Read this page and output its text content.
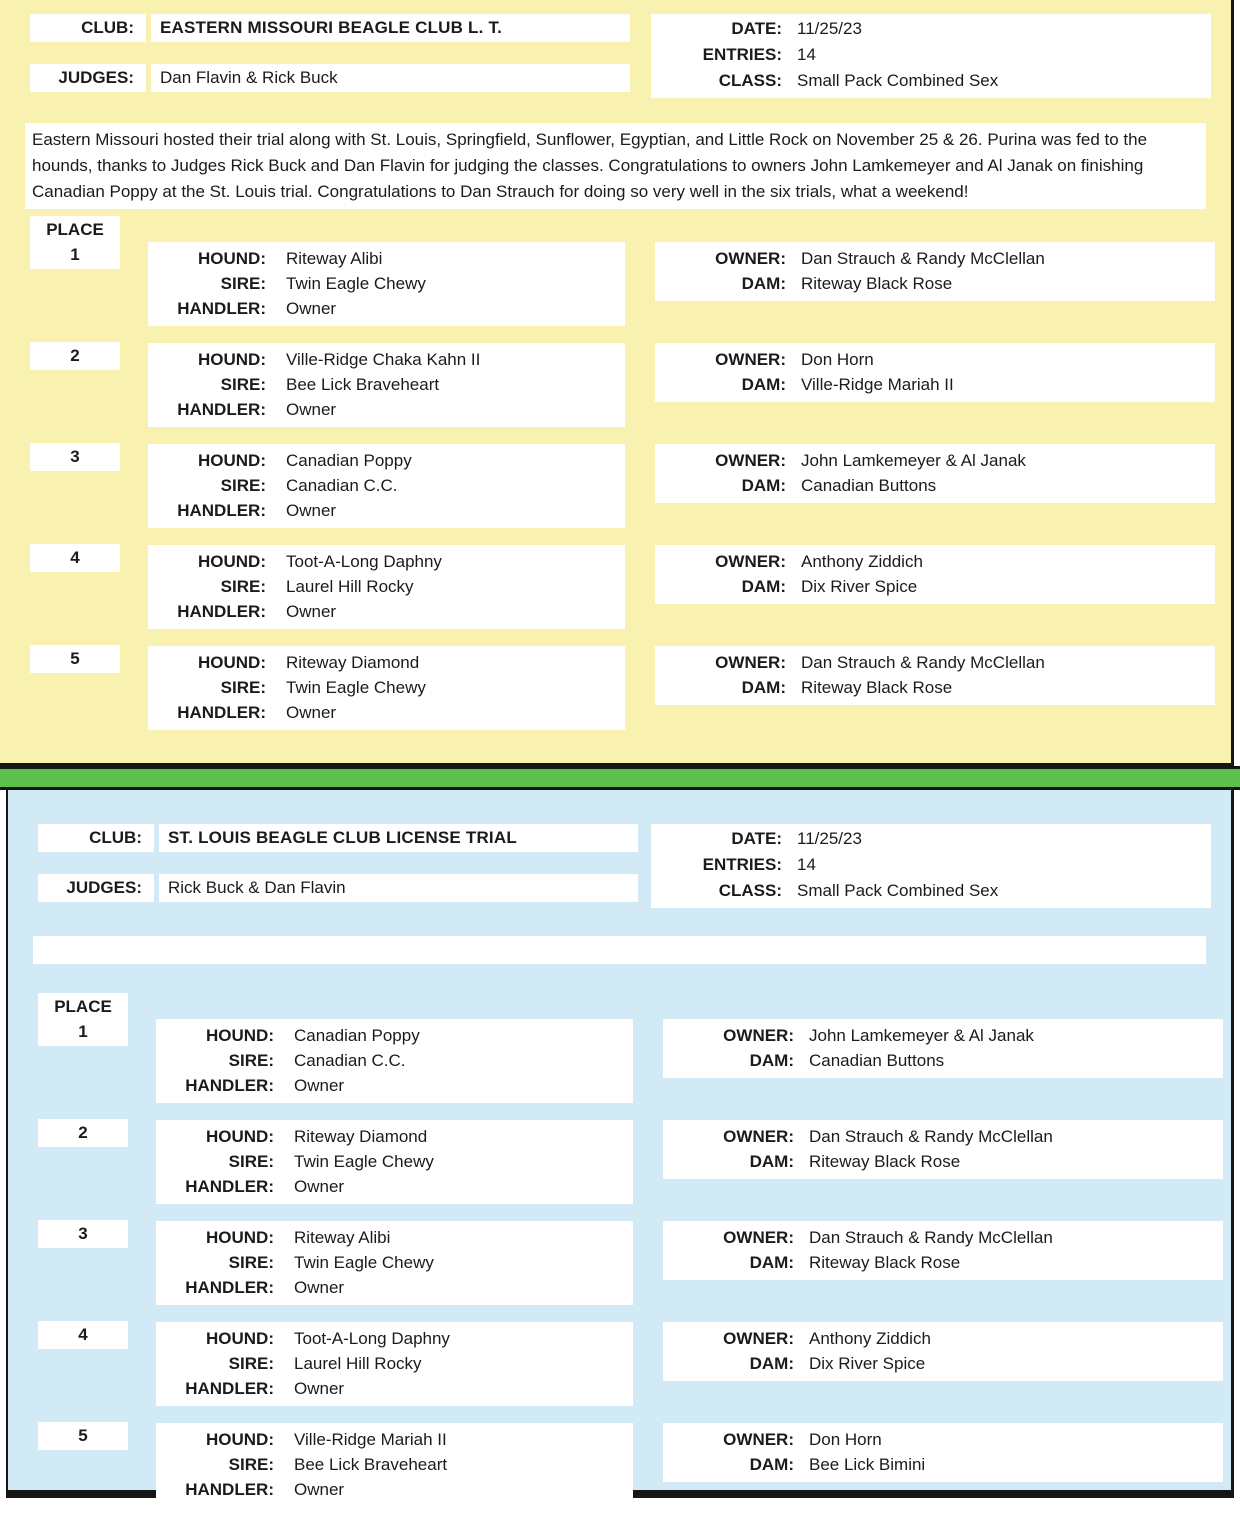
CLUB:	EASTERN MISSOURI BEAGLE CLUB L. T.
JUDGES:	Dan Flavin & Rick Buck
DATE: 11/25/23
ENTRIES: 14
CLASS: Small Pack Combined Sex
Eastern Missouri hosted their trial along with St. Louis, Springfield, Sunflower, Egyptian, and Little Rock on November 25 & 26. Purina was fed to the hounds, thanks to Judges Rick Buck and Dan Flavin for judging the classes. Congratulations to owners John Lamkemeyer and Al Janak on finishing Canadian Poppy at the St. Louis trial. Congratulations to Dan Strauch for doing so very well in the six trials, what a weekend!
PLACE
1	HOUND:	Riteway Alibi
SIRE:	Twin Eagle Chewy
HANDLER:	Owner
OWNER: Dan Strauch & Randy McClellan
DAM: Riteway Black Rose
2	HOUND:	Ville-Ridge Chaka Kahn II
SIRE:	Bee Lick Braveheart
HANDLER:	Owner
OWNER: Don Horn
DAM: Ville-Ridge Mariah II
3	HOUND:	Canadian Poppy
SIRE:	Canadian C.C.
HANDLER:	Owner
OWNER: John Lamkemeyer & Al Janak
DAM: Canadian Buttons
4	HOUND:	Toot-A-Long Daphny
SIRE:	Laurel Hill Rocky
HANDLER:	Owner
OWNER: Anthony Ziddich
DAM: Dix River Spice
5	HOUND:	Riteway Diamond
SIRE:	Twin Eagle Chewy
HANDLER:	Owner
OWNER: Dan Strauch & Randy McClellan
DAM: Riteway Black Rose
CLUB:	ST. LOUIS BEAGLE CLUB LICENSE TRIAL
JUDGES:	Rick Buck & Dan Flavin
DATE: 11/25/23
ENTRIES: 14
CLASS: Small Pack Combined Sex
PLACE
1	HOUND:	Canadian Poppy
SIRE:	Canadian C.C.
HANDLER:	Owner
OWNER: John Lamkemeyer & Al Janak
DAM: Canadian Buttons
2	HOUND:	Riteway Diamond
SIRE:	Twin Eagle Chewy
HANDLER:	Owner
OWNER: Dan Strauch & Randy McClellan
DAM: Riteway Black Rose
3	HOUND:	Riteway Alibi
SIRE:	Twin Eagle Chewy
HANDLER:	Owner
OWNER: Dan Strauch & Randy McClellan
DAM: Riteway Black Rose
4	HOUND:	Toot-A-Long Daphny
SIRE:	Laurel Hill Rocky
HANDLER:	Owner
OWNER: Anthony Ziddich
DAM: Dix River Spice
5	HOUND:	Ville-Ridge Mariah II
SIRE:	Bee Lick Braveheart
HANDLER:	Owner
OWNER: Don Horn
DAM: Bee Lick Bimini
